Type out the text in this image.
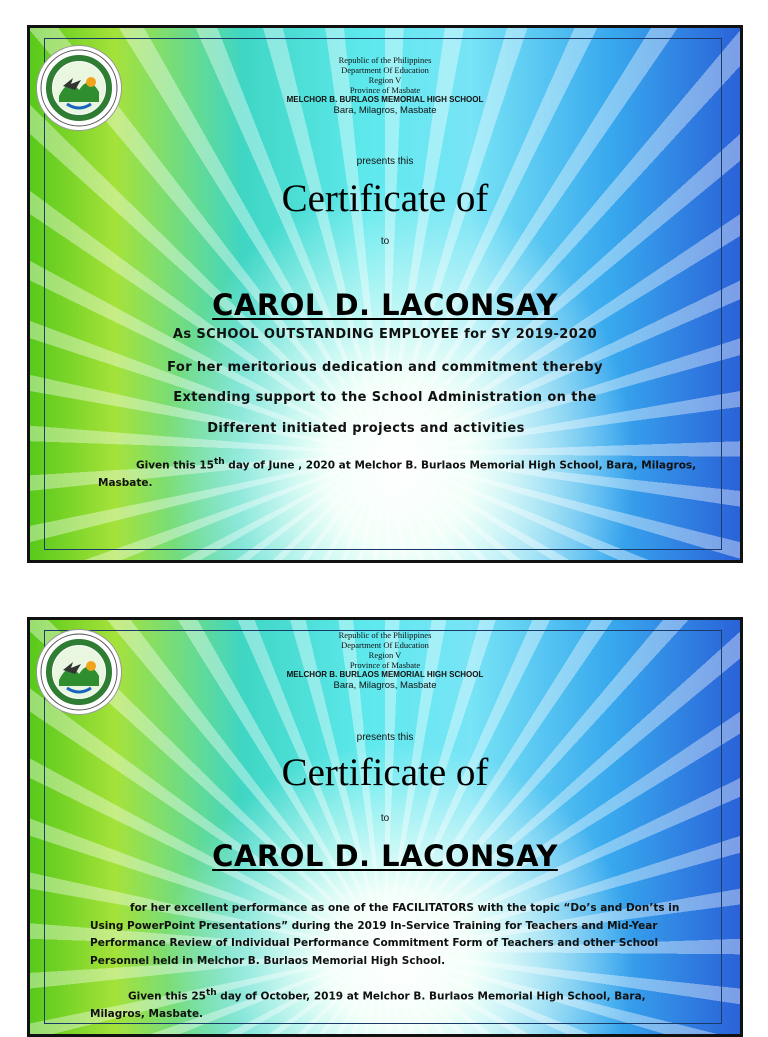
Republic of the Philippines
Department Of Education
Region V
Province of Masbate
MELCHOR B. BURLAOS MEMORIAL HIGH SCHOOL
Bara, Milagros, Masbate
presents this
Certificate of
to
CAROL D. LACONSAY
As SCHOOL OUTSTANDING EMPLOYEE for SY 2019-2020
For her meritorious dedication and commitment thereby
Extending support to the School Administration on the
Different initiated projects and activities
Given this 15th day of June , 2020 at Melchor B. Burlaos Memorial High School, Bara, Milagros, Masbate.
Republic of the Philippines
Department Of Education
Region V
Province of Masbate
MELCHOR B. BURLAOS MEMORIAL HIGH SCHOOL
Bara, Milagros, Masbate
presents this
Certificate of
to
CAROL D. LACONSAY
for her excellent performance as one of the FACILITATORS with the topic “Do’s and Don’ts in Using PowerPoint Presentations” during the 2019 In-Service Training for Teachers and Mid-Year Performance Review of Individual Performance Commitment Form of Teachers and other School Personnel held in Melchor B. Burlaos Memorial High School.
Given this 25th day of October, 2019 at Melchor B. Burlaos Memorial High School, Bara, Milagros, Masbate.
